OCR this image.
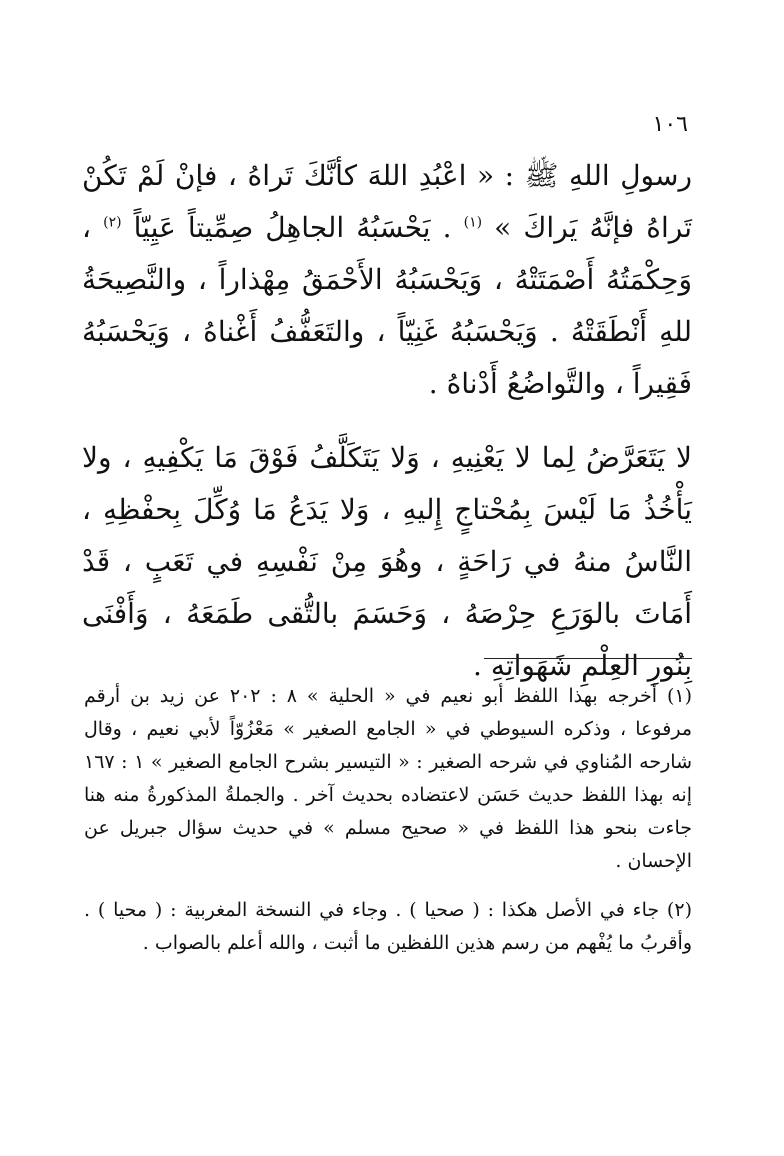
١٠٦

رسولِ اللهِ ﷺ : « اعْبُدِ اللهَ كأنَّكَ تَراهُ ، فإنْ لَمْ تَكُنْ تَراهُ فإنَّهُ يَراكَ » $^{(١)}$ . يَحْسَبُهُ الجاهِلُ صِمِّيتاً عَيِيّاً $^{(٢)}$ ، وَحِكْمَتُهُ أَصْمَتَتْهُ ، وَيَحْسَبُهُ الأَحْمَقُ مِهْذاراً ، والنَّصِيحَةُ للهِ أَنْطَقَتْهُ . وَيَحْسَبُهُ غَنِيّاً ، والتَعَفُّفُ أَغْناهُ ، وَيَحْسَبُهُ فَقِيراً ، والتَّواضُعُ أَدْناهُ .

لا يَتَعَرَّضُ لِما لا يَعْنِيهِ ، وَلا يَتَكَلَّفُ فَوْقَ مَا يَكْفِيهِ ، ولا يَأْخُذُ مَا لَيْسَ بِمُحْتاجٍ إِليهِ ، وَلا يَدَعُ مَا وُكِّلَ بِحفْظِهِ ، النَّاسُ منهُ في رَاحَةٍ ، وهُوَ مِنْ نَفْسِهِ في تَعَبٍ ، قَدْ أَمَاتَ بالوَرَعِ حِرْصَهُ ، وَحَسَمَ بالتُّقى طَمَعَهُ ، وَأَفْنَى بِنُورِ العِلْمِ شَهَواتِهِ .

(١) أخرجه بهذا اللفظ أبو نعيم في « الحلية » ٨ : ٢٠٢ عن زيد بن أرقم مرفوعا ، وذكره السيوطي في « الجامع الصغير » مَعْزُوّاً لأبي نعيم ، وقال شارحه المُناوي في شرحه الصغير : « التيسير بشرح الجامع الصغير » ١ : ١٦٧ إنه بهذا اللفظ حديث حَسَن لاعتضاده بحديث آخر . والجملةُ المذكورةُ منه هنا جاءت بنحو هذا اللفظ في « صحيح مسلم » في حديث سؤال جبريل عن الإحسان .

(٢) جاء في الأصل هكذا : ( صحيا ) . وجاء في النسخة المغربية : ( محيا ) . وأقربُ ما يُفْهم من رسم هذين اللفظين ما أثبت ، والله أعلم بالصواب .
